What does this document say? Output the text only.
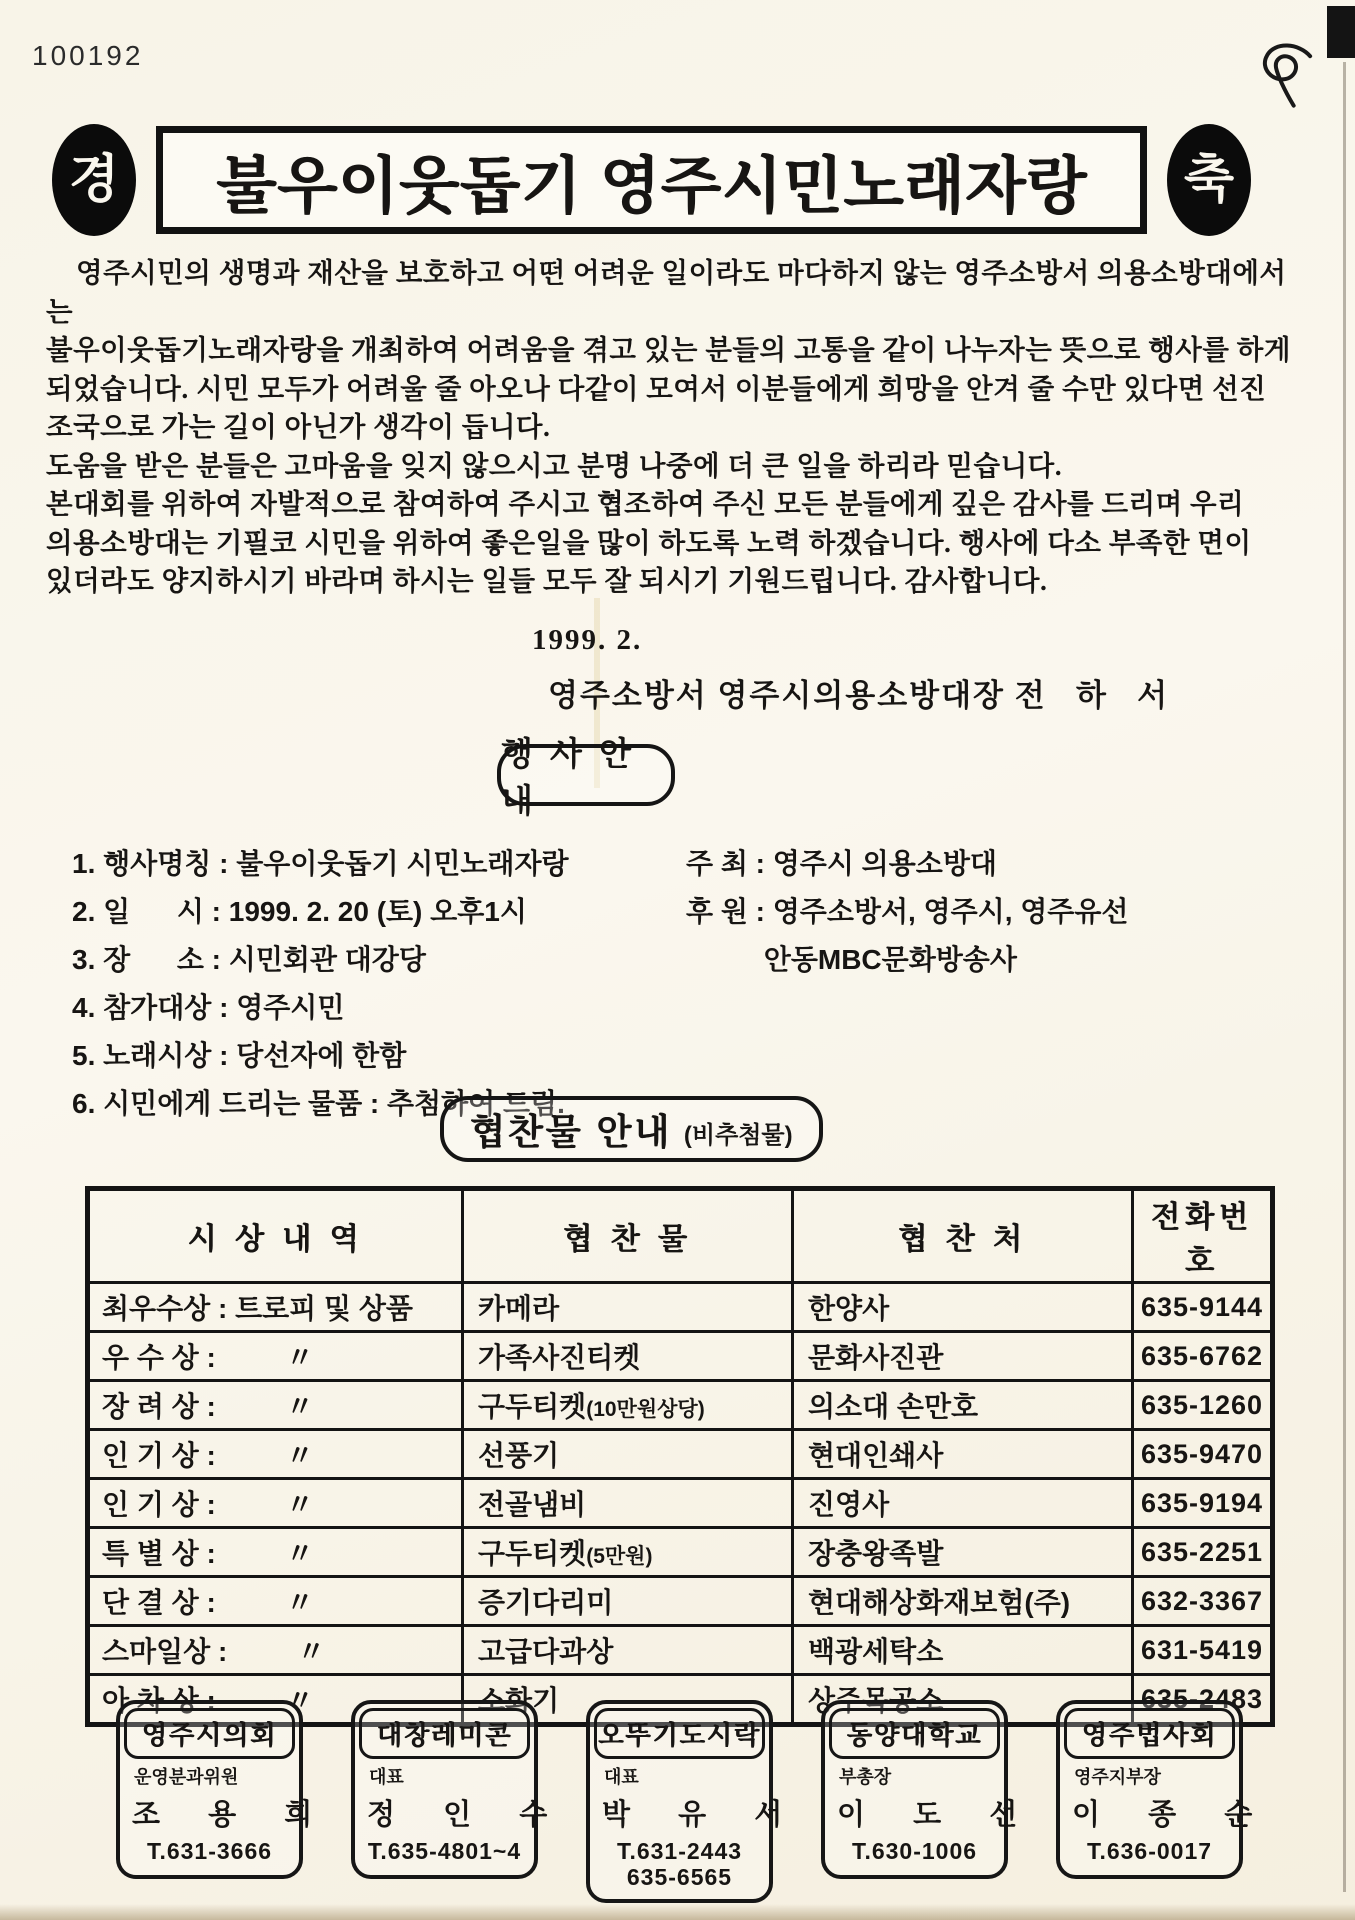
100192
경 불우이웃돕기 영주시민노래자랑	축
영주시민의 생명과 재산을 보호하고 어떤 어려운 일이라도 마다하지 않는 영주소방서 의용소방대에서는
불우이웃돕기노래자랑을 개최하여 어려움을 겪고 있는 분들의 고통을 같이 나누자는 뜻으로 행사를 하게
되었습니다. 시민 모두가 어려울 줄 아오나 다같이 모여서 이분들에게 희망을 안겨 줄 수만 있다면 선진
조국으로 가는 길이 아닌가 생각이 듭니다.
도움을 받은 분들은 고마움을 잊지 않으시고 분명 나중에 더 큰 일을 하리라 믿습니다.
본대회를 위하여 자발적으로 참여하여 주시고 협조하여 주신 모든 분들에게 깊은 감사를 드리며 우리
의용소방대는 기필코 시민을 위하여 좋은일을 많이 하도록 노력 하겠습니다. 행사에 다소 부족한 면이
있더라도 양지하시기 바라며 하시는 일들 모두 잘 되시기 기원드립니다. 감사합니다.
1999. 2.
영주소방서 영주시의용소방대장 전   하   서
행 사 안 내
1. 행사명칭 : 불우이웃돕기 시민노래자랑
2. 일      시 : 1999. 2. 20 (토) 오후1시
3. 장      소 : 시민회관 대강당
4. 참가대상 : 영주시민
5. 노래시상 : 당선자에 한함
6. 시민에게 드리는 물품 : 추첨하여 드림.
주 최 : 영주시 의용소방대
후 원 : 영주소방서, 영주시, 영주유선
안동MBC문화방송사
협찬물 안내 (비추첨물)
시 상 내 역	협 찬 물	협 찬 처	전화번호
최우수상 : 트로피 및 상품	카메라	한양사	635-9144
우 수 상 :         〃	가족사진티켓	문화사진관	635-6762
장 려 상 :         〃	구두티켓(10만원상당)	의소대 손만호	635-1260
인 기 상 :         〃	선풍기	현대인쇄사	635-9470
인 기 상 :         〃	전골냄비	진영사	635-9194
특 별 상 :         〃	구두티켓(5만원)	장충왕족발	635-2251
단 결 상 :         〃	증기다리미	현대해상화재보험(주)	632-3367
스마일상 :         〃	고급다과상	백광세탁소	631-5419
아 차 상 :         〃	소화기	상주목공소	635-2483
영주시의회
운영분과위원
조  용  희
T.631-3666
대창레미콘
대표
정  인  수
T.635-4801~4
오뚜기도시락
대표
박  유  서
T.631-2443
635-6565
동양대학교
부총장
이  도  선
T.630-1006
영주법사회
영주지부장
이  종  순
T.636-0017
